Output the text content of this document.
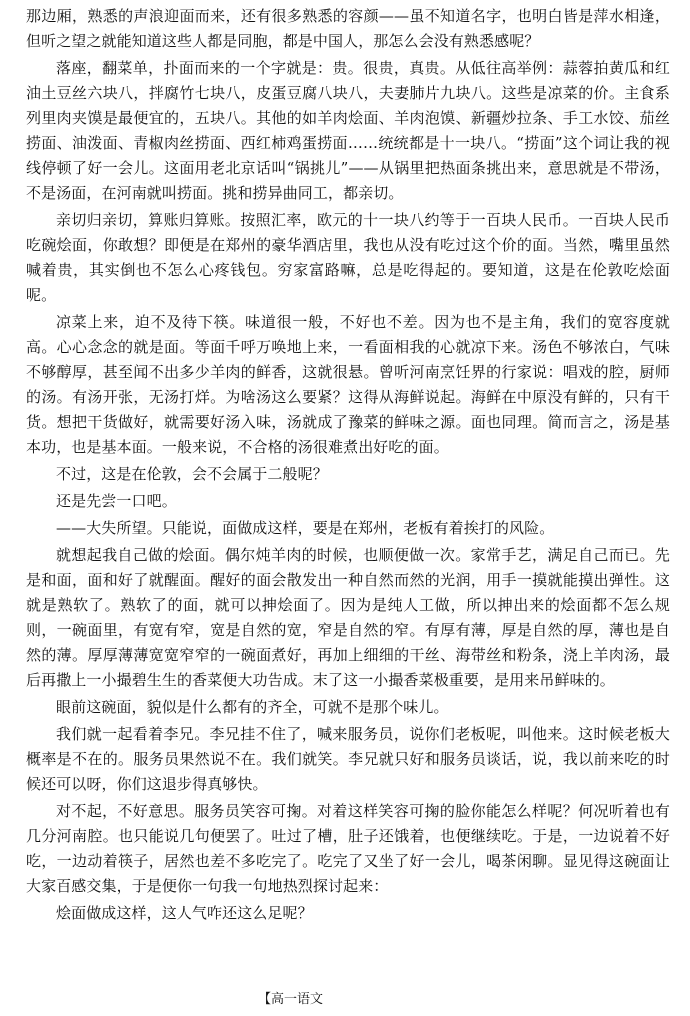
那边厢，熟悉的声浪迎面而来，还有很多熟悉的容颜——虽不知道名字，也明白皆是萍水相逢，但听之望之就能知道这些人都是同胞，都是中国人，那怎么会没有熟悉感呢？

落座，翻菜单，扑面而来的一个字就是：贵。很贵，真贵。从低往高举例：蒜蓉拍黄瓜和红油土豆丝六块八，拌腐竹七块八，皮蛋豆腐八块八，夫妻肺片九块八。这些是凉菜的价。主食系列里肉夹馍是最便宜的，五块八。其他的如羊肉烩面、羊肉泡馍、新疆炒拉条、手工水饺、茄丝捞面、油泼面、青椒肉丝捞面、西红柿鸡蛋捞面……统统都是十一块八。“捞面”这个词让我的视线停顿了好一会儿。这面用老北京话叫“锅挑儿”——从锅里把热面条挑出来，意思就是不带汤，不是汤面，在河南就叫捞面。挑和捞异曲同工，都亲切。

亲切归亲切，算账归算账。按照汇率，欧元的十一块八约等于一百块人民币。一百块人民币吃碗烩面，你敢想？即便是在郑州的豪华酒店里，我也从没有吃过这个价的面。当然，嘴里虽然喊着贵，其实倒也不怎么心疼钱包。穷家富路嘛，总是吃得起的。要知道，这是在伦敦吃烩面呢。

凉菜上来，迫不及待下筷。味道很一般，不好也不差。因为也不是主角，我们的宽容度就高。心心念念的就是面。等面千呼万唤地上来，一看面相我的心就凉下来。汤色不够浓白，气味不够醇厚，甚至闻不出多少羊肉的鲜香，这就很悬。曾听河南烹饪界的行家说：唱戏的腔，厨师的汤。有汤开张，无汤打烊。为啥汤这么要紧？这得从海鲜说起。海鲜在中原没有鲜的，只有干货。想把干货做好，就需要好汤入味，汤就成了豫菜的鲜味之源。面也同理。简而言之，汤是基本功，也是基本面。一般来说，不合格的汤很难煮出好吃的面。

不过，这是在伦敦，会不会属于二般呢？

还是先尝一口吧。

——大失所望。只能说，面做成这样，要是在郑州，老板有着挨打的风险。

就想起我自己做的烩面。偶尔炖羊肉的时候，也顺便做一次。家常手艺，满足自己而已。先是和面，面和好了就醒面。醒好的面会散发出一种自然而然的光润，用手一摸就能摸出弹性。这就是熟软了。熟软了的面，就可以抻烩面了。因为是纯人工做，所以抻出来的烩面都不怎么规则，一碗面里，有宽有窄，宽是自然的宽，窄是自然的窄。有厚有薄，厚是自然的厚，薄也是自然的薄。厚厚薄薄宽宽窄窄的一碗面煮好，再加上细细的干丝、海带丝和粉条，浇上羊肉汤，最后再撒上一小撮碧生生的香菜便大功告成。末了这一小撮香菜极重要，是用来吊鲜味的。

眼前这碗面，貌似是什么都有的齐全，可就不是那个味儿。

我们就一起看着李兄。李兄挂不住了，喊来服务员，说你们老板呢，叫他来。这时候老板大概率是不在的。服务员果然说不在。我们就笑。李兄就只好和服务员谈话，说，我以前来吃的时候还可以呀，你们这退步得真够快。

对不起，不好意思。服务员笑容可掬。对着这样笑容可掬的脸你能怎么样呢？何况听着也有几分河南腔。也只能说几句便罢了。吐过了槽，肚子还饿着，也便继续吃。于是，一边说着不好吃，一边动着筷子，居然也差不多吃完了。吃完了又坐了好一会儿，喝茶闲聊。显见得这碗面让大家百感交集，于是便你一句我一句地热烈探讨起来：

烩面做成这样，这人气咋还这么足呢？

【高一语文
